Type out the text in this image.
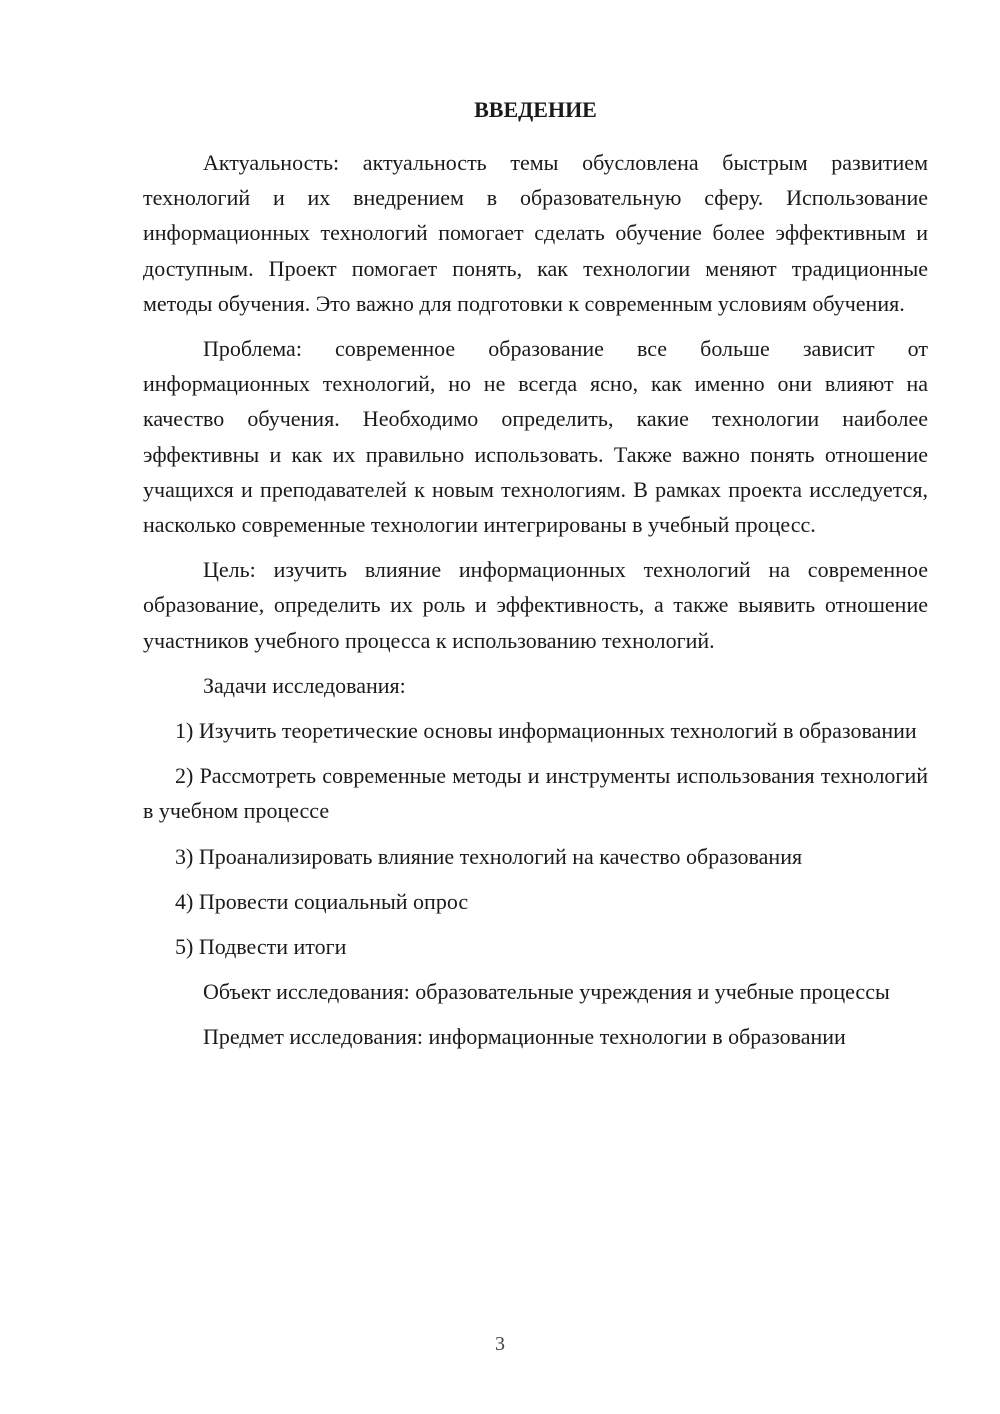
ВВЕДЕНИЕ

Актуальность: актуальность темы обусловлена быстрым развитием технологий и их внедрением в образовательную сферу. Использование информационных технологий помогает сделать обучение более эффективным и доступным. Проект помогает понять, как технологии меняют традиционные методы обучения. Это важно для подготовки к современным условиям обучения.

Проблема: современное образование все больше зависит от информационных технологий, но не всегда ясно, как именно они влияют на качество обучения. Необходимо определить, какие технологии наиболее эффективны и как их правильно использовать. Также важно понять отношение учащихся и преподавателей к новым технологиям. В рамках проекта исследуется, насколько современные технологии интегрированы в учебный процесс.

Цель: изучить влияние информационных технологий на современное образование, определить их роль и эффективность, а также выявить отношение участников учебного процесса к использованию технологий.

Задачи исследования:

1) Изучить теоретические основы информационных технологий в образовании

2) Рассмотреть современные методы и инструменты использования технологий в учебном процессе

3) Проанализировать влияние технологий на качество образования

4) Провести социальный опрос

5) Подвести итоги

Объект исследования: образовательные учреждения и учебные процессы

Предмет исследования: информационные технологии в образовании

3
